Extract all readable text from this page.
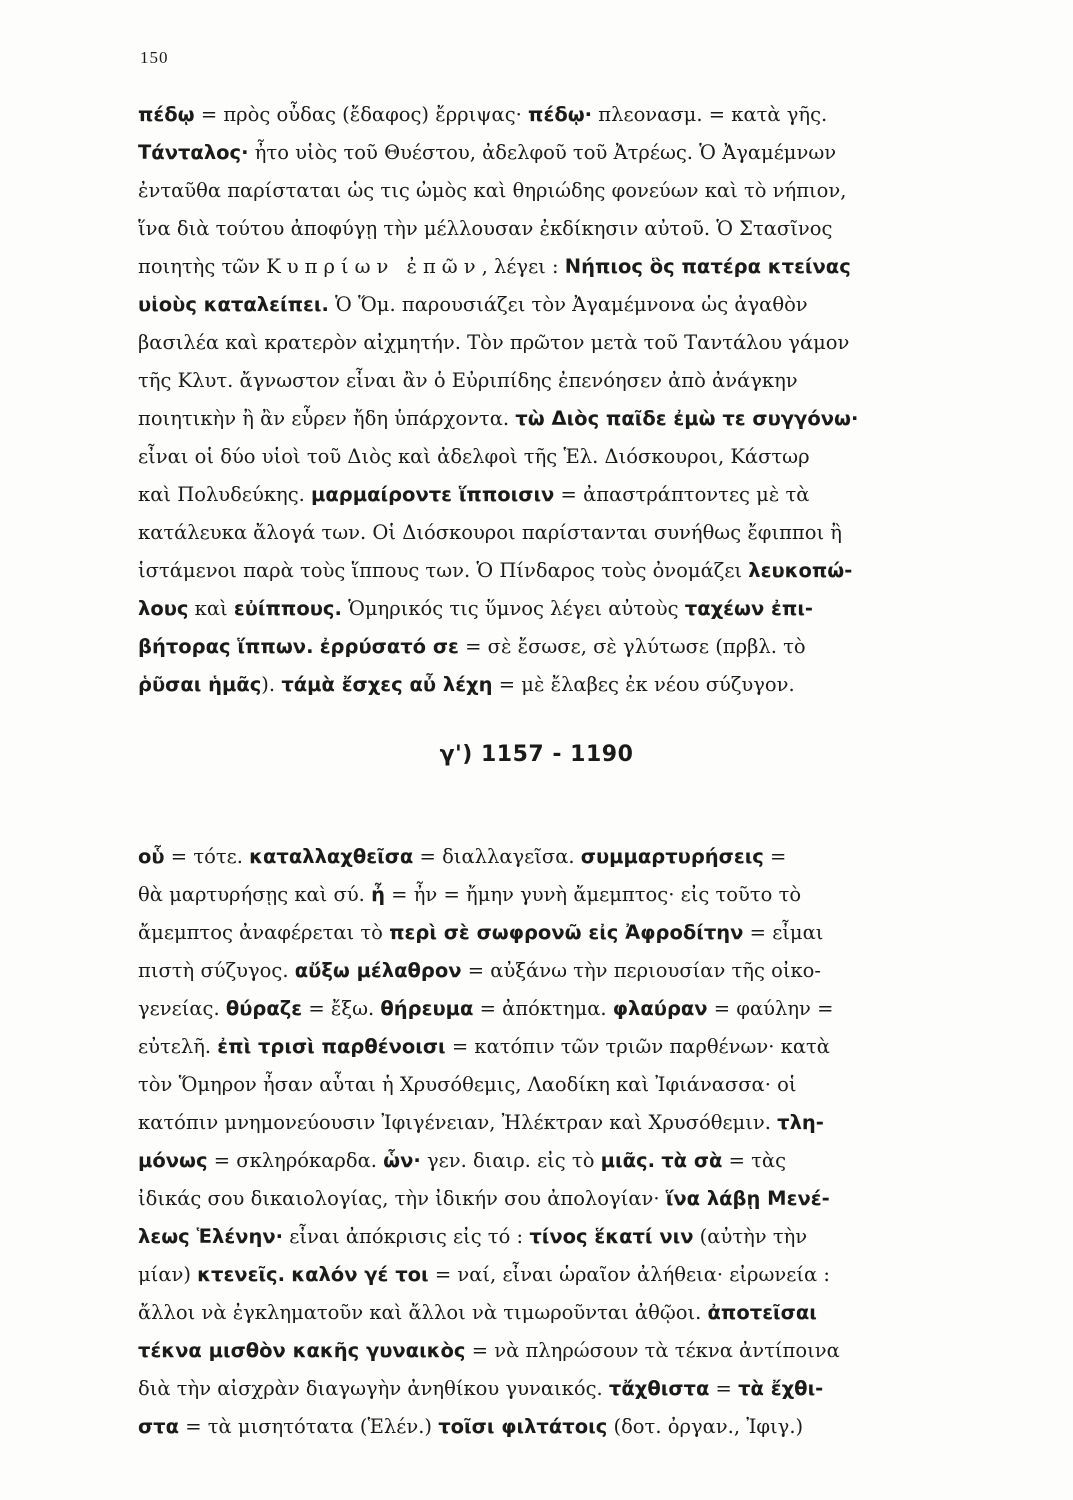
150
πέδῳ = πρὸς οὖδας (ἔδαφος) ἔρριψας· πέδῳ· πλεονασμ. = κατὰ γῆς.
Τάνταλος· ἦτο υἱὸς τοῦ Θυέστου, ἀδελφοῦ τοῦ Ἀτρέως. Ὁ Ἀγαμέμνων
ἐνταῦθα παρίσταται ὡς τις ὠμὸς καὶ θηριώδης φονεύων καὶ τὸ νήπιον,
ἵνα διὰ τούτου ἀποφύγῃ τὴν μέλλουσαν ἐκδίκησιν αὐτοῦ. Ὁ Στασῖνος
ποιητὴς τῶν Κυπρίων ἐπῶν, λέγει : Νήπιος ὃς πατέρα κτείνας
υἱοὺς καταλείπει. Ὁ Ὅμ. παρουσιάζει τὸν Ἀγαμέμνονα ὡς ἀγαθὸν
βασιλέα καὶ κρατερὸν αἰχμητήν. Τὸν πρῶτον μετὰ τοῦ Ταντάλου γάμον
τῆς Κλυτ. ἄγνωστον εἶναι ἂν ὁ Εὐριπίδης ἐπενόησεν ἀπὸ ἀνάγκην
ποιητικὴν ἢ ἂν εὗρεν ἤδη ὑπάρχοντα. τὼ Διὸς παῖδε ἐμὼ τε συγγόνω·
εἶναι οἱ δύο υἱοὶ τοῦ Διὸς καὶ ἀδελφοὶ τῆς Ἑλ. Διόσκουροι, Κάστωρ
καὶ Πολυδεύκης. μαρμαίροντε ἵπποισιν = ἀπαστράπτοντες μὲ τὰ
κατάλευκα ἄλογά των. Οἱ Διόσκουροι παρίστανται συνήθως ἔφιπποι ἢ
ἱστάμενοι παρὰ τοὺς ἵππους των. Ὁ Πίνδαρος τοὺς ὀνομάζει λευκοπώ-
λους καὶ εὐίππους. Ὁμηρικός τις ὕμνος λέγει αὐτοὺς ταχέων ἐπι-
βήτορας ἵππων. ἐρρύσατό σε = σὲ ἔσωσε, σὲ γλύτωσε (πρβλ. τὸ
ῥῦσαι ἡμᾶς). τάμὰ ἔσχες αὖ λέχη = μὲ ἔλαβες ἐκ νέου σύζυγον.
γ') 1157 - 1190
οὗ = τότε. καταλλαχθεῖσα = διαλλαγεῖσα. συμμαρτυρήσεις =
θὰ μαρτυρήσῃς καὶ σύ. ἦ = ἦν = ἤμην γυνὴ ἄμεμπτος· εἰς τοῦτο τὸ
ἄμεμπτος ἀναφέρεται τὸ περὶ σὲ σωφρονῶ εἰς Ἀφροδίτην = εἶμαι
πιστὴ σύζυγος. αὔξω μέλαθρον = αὐξάνω τὴν περιουσίαν τῆς οἰκο-
γενείας. θύραζε = ἔξω. θήρευμα = ἀπόκτημα. φλαύραν = φαύλην =
εὐτελῆ. ἐπὶ τρισὶ παρθένοισι = κατόπιν τῶν τριῶν παρθένων· κατὰ
τὸν Ὅμηρον ἦσαν αὗται ἡ Χρυσόθεμις, Λαοδίκη καὶ Ἰφιάνασσα· οἱ
κατόπιν μνημονεύουσιν Ἰφιγένειαν, Ἠλέκτραν καὶ Χρυσόθεμιν. τλη-
μόνως = σκληρόκαρδα. ὧν· γεν. διαιρ. εἰς τὸ μιᾶς. τὰ σὰ = τὰς
ἰδικάς σου δικαιολογίας, τὴν ἰδικήν σου ἀπολογίαν· ἵνα λάβῃ Μενέ-
λεως Ἑλένην· εἶναι ἀπόκρισις εἰς τό : τίνος ἕκατί νιν (αὐτὴν τὴν
μίαν) κτενεῖς. καλόν γέ τοι = ναί, εἶναι ὡραῖον ἀλήθεια· εἰρωνεία :
ἄλλοι νὰ ἐγκληματοῦν καὶ ἄλλοι νὰ τιμωροῦνται ἀθῷοι. ἀποτεῖσαι
τέκνα μισθὸν κακῆς γυναικὸς = νὰ πληρώσουν τὰ τέκνα ἀντίποινα
διὰ τὴν αἰσχρὰν διαγωγὴν ἀνηθίκου γυναικός. τἄχθιστα = τὰ ἔχθι-
στα = τὰ μισητότατα (Ἑλέν.) τοῖσι φιλτάτοις (δοτ. ὀργαν., Ἰφιγ.)
